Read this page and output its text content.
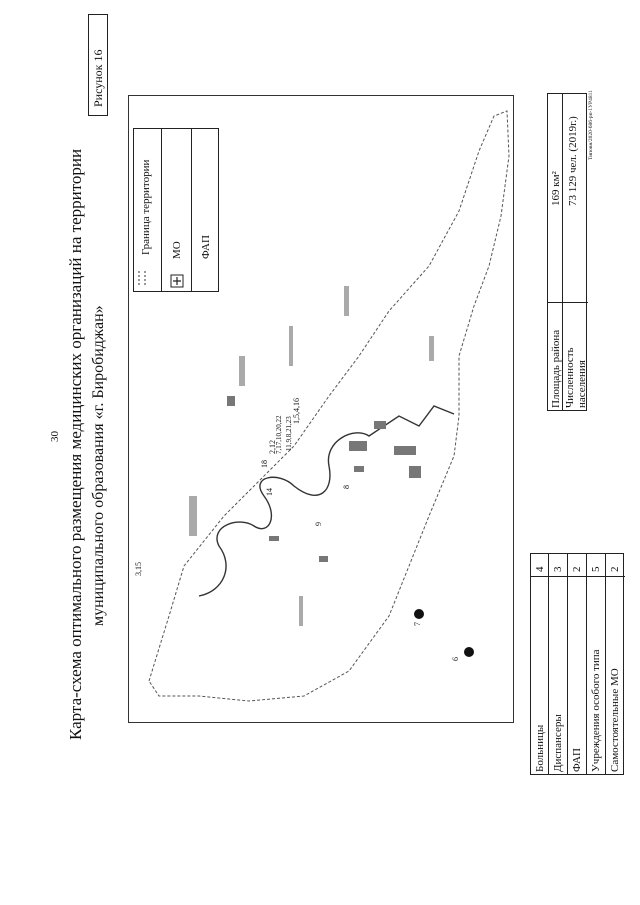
30 Карта-схема оптимального размещения медицинских организаций на территории муниципального образования «г. Биробиджан»
Рисунок 16
3,15
14
18
2,12
7,17,10,20,22 11,9,8,21,23
1,5,4,16
9
8
7
6
Граница территории МО ФАП
Больницы
4
Диспансеры
3
ФАП
2
Учреждения особого типа
5
Самостоятельные МО
2
Площадь района
169 км²
Численность населения
73 129 чел. (2019г.) Типовн/2020-686-рп-1УР4811
